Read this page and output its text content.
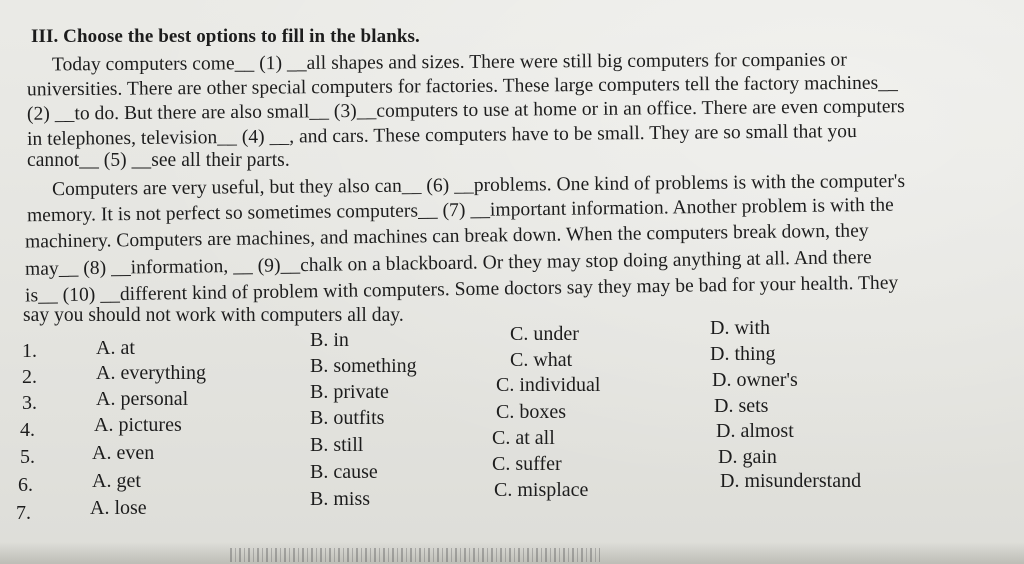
III. Choose the best options to fill in the blanks.
Today computers come__ (1) __all shapes and sizes. There were still big computers for companies or
universities. There are other special computers for factories. These large computers tell the factory machines__
(2) __to do. But there are also small__ (3)__computers to use at home or in an office. There are even computers
in telephones, television__ (4) __, and cars. These computers have to be small. They are so small that you
cannot__ (5) __see all their parts.
Computers are very useful, but they also can__ (6) __problems. One kind of problems is with the computer's
memory. It is not perfect so sometimes computers__ (7) __important information. Another problem is with the
machinery. Computers are machines, and machines can break down. When the computers break down, they
may__ (8) __information, __ (9)__chalk on a blackboard. Or they may stop doing anything at all. And there
is__ (10) __different kind of problem with computers. Some doctors say they may be bad for your health. They
say you should not work with computers all day.
1.	A. at	B. in	C. under	D. with
2.	A. everything	B. something	C. what	D. thing
3.	A. personal	B. private	C. individual	D. owner's
4.	A. pictures	B. outfits	C. boxes	D. sets
5.	A. even	B. still	C. at all	D. almost
6.	A. get	B. cause	C. suffer	D. gain
7.	A. lose	B. miss	C. misplace	D. misunderstand
